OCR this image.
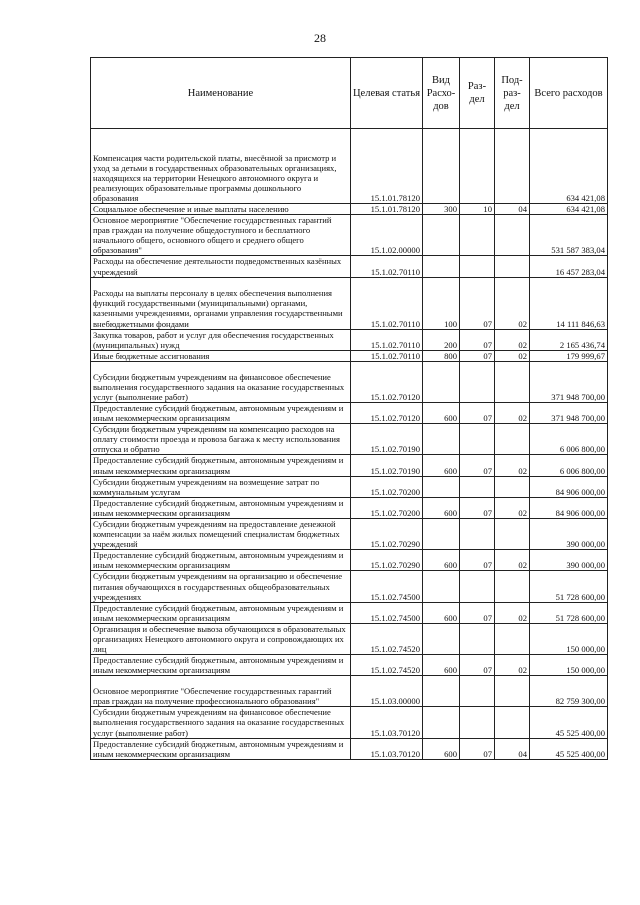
28
Наименование	Целевая статья	Вид Расхо- дов	Раз- дел	Под- раз- дел	Всего расходов
Компенсация части родительской платы, внесённой за присмотр и уход за детьми в государственных образовательных организациях, находящихся на территории Ненецкого автономного округа и реализующих образовательные программы дошкольного образования	15.1.01.78120				634 421,08
Социальное обеспечение и иные выплаты населению	15.1.01.78120	300	10	04	634 421,08
Основное мероприятие "Обеспечение государственных гарантий прав граждан на получение общедоступного и бесплатного начального общего, основного общего и среднего общего образования"	15.1.02.00000				531 587 383,04
Расходы на обеспечение деятельности подведомственных казённых учреждений	15.1.02.70110				16 457 283,04
Расходы на выплаты персоналу в целях обеспечения выполнения функций государственными (муниципальными) органами, казенными учреждениями, органами управления государственными внебюджетными фондами	15.1.02.70110	100	07	02	14 111 846,63
Закупка товаров, работ и услуг для обеспечения государственных (муниципальных) нужд	15.1.02.70110	200	07	02	2 165 436,74
Иные бюджетные ассигнования	15.1.02.70110	800	07	02	179 999,67
Субсидии бюджетным учреждениям на финансовое обеспечение выполнения государственного задания на оказание государственных услуг (выполнение работ)	15.1.02.70120				371 948 700,00
Предоставление субсидий бюджетным, автономным учреждениям и иным некоммерческим организациям	15.1.02.70120	600	07	02	371 948 700,00
Субсидии бюджетным учреждениям на компенсацию расходов на оплату стоимости проезда и провоза багажа к месту использования отпуска и обратно	15.1.02.70190				6 006 800,00
Предоставление субсидий бюджетным, автономным учреждениям и иным некоммерческим организациям	15.1.02.70190	600	07	02	6 006 800,00
Субсидии бюджетным учреждениям на возмещение затрат по коммунальным услугам	15.1.02.70200				84 906 000,00
Предоставление субсидий бюджетным, автономным учреждениям и иным некоммерческим организациям	15.1.02.70200	600	07	02	84 906 000,00
Субсидии бюджетным учреждениям на предоставление денежной компенсации за наём жилых помещений специалистам бюджетных учреждений	15.1.02.70290				390 000,00
Предоставление субсидий бюджетным, автономным учреждениям и иным некоммерческим организациям	15.1.02.70290	600	07	02	390 000,00
Субсидии бюджетным учреждениям на организацию и обеспечение питания обучающихся в государственных общеобразовательных учреждениях	15.1.02.74500				51 728 600,00
Предоставление субсидий бюджетным, автономным учреждениям и иным некоммерческим организациям	15.1.02.74500	600	07	02	51 728 600,00
Организация и обеспечение вывоза обучающихся в образовательных организациях Ненецкого автономного округа и сопровождающих их лиц	15.1.02.74520				150 000,00
Предоставление субсидий бюджетным, автономным учреждениям и иным некоммерческим организациям	15.1.02.74520	600	07	02	150 000,00
Основное мероприятие "Обеспечение государственных гарантий прав граждан на получение профессионального образования"	15.1.03.00000				82 759 300,00
Субсидии бюджетным учреждениям на финансовое обеспечение выполнения государственного задания на оказание государственных услуг (выполнение работ)	15.1.03.70120				45 525 400,00
Предоставление субсидий бюджетным, автономным учреждениям и иным некоммерческим организациям	15.1.03.70120	600	07	04	45 525 400,00
